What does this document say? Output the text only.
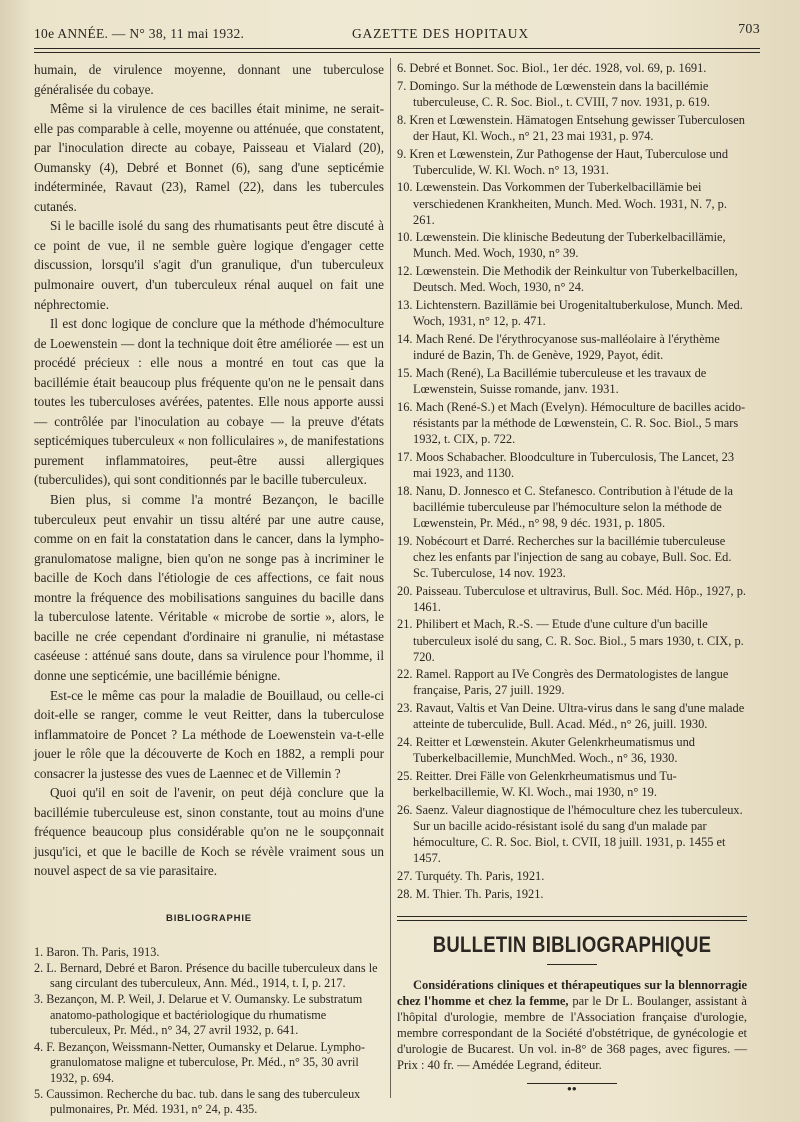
10e ANNÉE. — N° 38, 11 mai 1932.	GAZETTE DES HOPITAUX	703

humain, de virulence moyenne, donnant une tuberculose généralisée du cobaye.

Même si la virulence de ces bacilles était minime, ne serait-elle pas comparable à celle, moyenne ou atténuée, que constatent, par l'inoculation directe au cobaye, Paisseau et Vialard (20), Oumansky (4), Debré et Bonnet (6), sang d'une septicémie indéterminée, Ravaut (23), Ramel (22), dans les tubercules cutanés.

Si le bacille isolé du sang des rhumatisants peut être discuté à ce point de vue, il ne semble guère logique d'engager cette discussion, lorsqu'il s'agit d'un granulique, d'un tuberculeux pulmonaire ouvert, d'un tuberculeux rénal auquel on fait une néphrectomie.

Il est donc logique de conclure que la méthode d'hémoculture de Loewenstein — dont la technique doit être améliorée — est un procédé précieux : elle nous a montré en tout cas que la bacillémie était beaucoup plus fréquente qu'on ne le pensait dans toutes les tuberculoses avérées, patentes. Elle nous apporte aussi — contrôlée par l'inoculation au cobaye — la preuve d'états septicémiques tuberculeux « non folliculaires », de manifestations purement inflammatoires, peut-être aussi allergiques (tuberculides), qui sont conditionnés par le bacille tuberculeux.

Bien plus, si comme l'a montré Bezançon, le bacille tuberculeux peut envahir un tissu altéré par une autre cause, comme on en fait la constatation dans le cancer, dans la lympho-granulomatose maligne, bien qu'on ne songe pas à incriminer le bacille de Koch dans l'étiologie de ces affections, ce fait nous montre la fréquence des mobilisations sanguines du bacille dans la tuberculose latente. Véritable « microbe de sortie », alors, le bacille ne crée cependant d'ordinaire ni granulie, ni métastase caséeuse : atténué sans doute, dans sa virulence pour l'homme, il donne une septicémie, une bacillémie bénigne.

Est-ce le même cas pour la maladie de Bouillaud, ou celle-ci doit-elle se ranger, comme le veut Reitter, dans la tuberculose inflammatoire de Poncet ? La méthode de Loewenstein va-t-elle jouer le rôle que la découverte de Koch en 1882, a rempli pour consacrer la justesse des vues de Laennec et de Villemin ?

Quoi qu'il en soit de l'avenir, on peut déjà conclure que la bacillémie tuberculeuse est, sinon constante, tout au moins d'une fréquence beaucoup plus considérable qu'on ne le soupçonnait jusqu'ici, et que le bacille de Koch se révèle vraiment sous un nouvel aspect de sa vie parasitaire.

BIBLIOGRAPHIE
1. Baron. Th. Paris, 1913.
2. L. Bernard, Debré et Baron. Présence du bacille tuberculeux dans le sang circulant des tuberculeux, Ann. Méd., 1914, t. I, p. 217.
3. Bezançon, M. P. Weil, J. Delarue et V. Oumansky. Le substratum anatomo-pathologique et bactériologique du rhumatisme tuberculeux, Pr. Méd., n° 34, 27 avril 1932, p. 641.
4. F. Bezançon, Weissmann-Netter, Oumansky et Delarue. Lympho-granulomatose maligne et tuberculose, Pr. Méd., n° 35, 30 avril 1932, p. 694.
5. Caussimon. Recherche du bac. tub. dans le sang des tuberculeux pulmonaires, Pr. Méd. 1931, n° 24, p. 435.
6. Debré et Bonnet. Soc. Biol., 1er déc. 1928, vol. 69, p. 1691.
7. Domingo. Sur la méthode de Lœwenstein dans la bacillémie tuberculeuse, C. R. Soc. Biol., t. CVIII, 7 nov. 1931, p. 619.
8. Kren et Lœwenstein. Hämatogen Entsehung gewisser Tuberculosen der Haut, Kl. Woch., n° 21, 23 mai 1931, p. 974.
9. Kren et Lœwenstein, Zur Pathogense der Haut, Tuberculose und Tuberculide, W. Kl. Woch. n° 13, 1931.
10. Lœwenstein. Das Vorkommen der Tuberkelbacillämie bei verschiedenen Krankheiten, Munch. Med. Woch. 1931, N. 7, p. 261.
10. Lœwenstein. Die klinische Bedeutung der Tuberkelbacillämie, Munch. Med. Woch, 1930, n° 39.
12. Lœwenstein. Die Methodik der Reinkultur von Tuberkelbacillen, Deutsch. Med. Woch, 1930, n° 24.
13. Lichtenstern. Bazillämie bei Urogenitaltuberkulose, Munch. Med. Woch, 1931, n° 12, p. 471.
14. Mach René. De l'érythrocyanose sus-malléolaire à l'érythème induré de Bazin, Th. de Genève, 1929, Payot, édit.
15. Mach (René), La Bacillémie tuberculeuse et les travaux de Lœwenstein, Suisse romande, janv. 1931.
16. Mach (René-S.) et Mach (Evelyn). Hémoculture de bacilles acido-résistants par la méthode de Lœwenstein, C. R. Soc. Biol., 5 mars 1932, t. CIX, p. 722.
17. Moos Schabacher. Bloodculture in Tuberculosis, The Lancet, 23 mai 1923, and 1130.
18. Nanu, D. Jonnesco et C. Stefanesco. Contribution à l'étude de la bacillémie tuberculeuse par l'hémoculture selon la méthode de Lœwenstein, Pr. Méd., n° 98, 9 déc. 1931, p. 1805.
19. Nobécourt et Darré. Recherches sur la bacillémie tuberculeuse chez les enfants par l'injection de sang au cobaye, Bull. Soc. Ed. Sc. Tuberculose, 14 nov. 1923.
20. Paisseau. Tuberculose et ultravirus, Bull. Soc. Méd. Hôp., 1927, p. 1461.
21. Philibert et Mach, R.-S. — Etude d'une culture d'un bacille tuberculeux isolé du sang, C. R. Soc. Biol., 5 mars 1930, t. CIX, p. 720.
22. Ramel. Rapport au IVe Congrès des Dermatologistes de langue française, Paris, 27 juill. 1929.
23. Ravaut, Valtis et Van Deine. Ultra-virus dans le sang d'une malade atteinte de tuberculide, Bull. Acad. Méd., n° 26, juill. 1930.
24. Reitter et Lœwenstein. Akuter Gelenkrheumatismus und Tuberkelbacillemie, MunchMed. Woch., n° 36, 1930.
25. Reitter. Drei Fälle von Gelenkrheumatismus und Tuberkelbacillemie, W. Kl. Woch., mai 1930, n° 19.
26. Saenz. Valeur diagnostique de l'hémoculture chez les tuberculeux. Sur un bacille acido-résistant isolé du sang d'un malade par hémoculture, C. R. Soc. Biol, t. CVII, 18 juill. 1931, p. 1455 et 1457.
27. Turquéty. Th. Paris, 1921.
28. M. Thier. Th. Paris, 1921.
BULLETIN BIBLIOGRAPHIQUE

Considérations cliniques et thérapeutiques sur la blennorragie chez l'homme et chez la femme, par le Dr L. Boulanger, assistant à l'hôpital d'urologie, membre de l'Association française d'urologie, membre correspondant de la Société d'obstétrique, de gynécologie et d'urologie de Bucarest. Un vol. in-8° de 368 pages, avec figures. — Prix : 40 fr. — Amédée Legrand, éditeur.

●●
